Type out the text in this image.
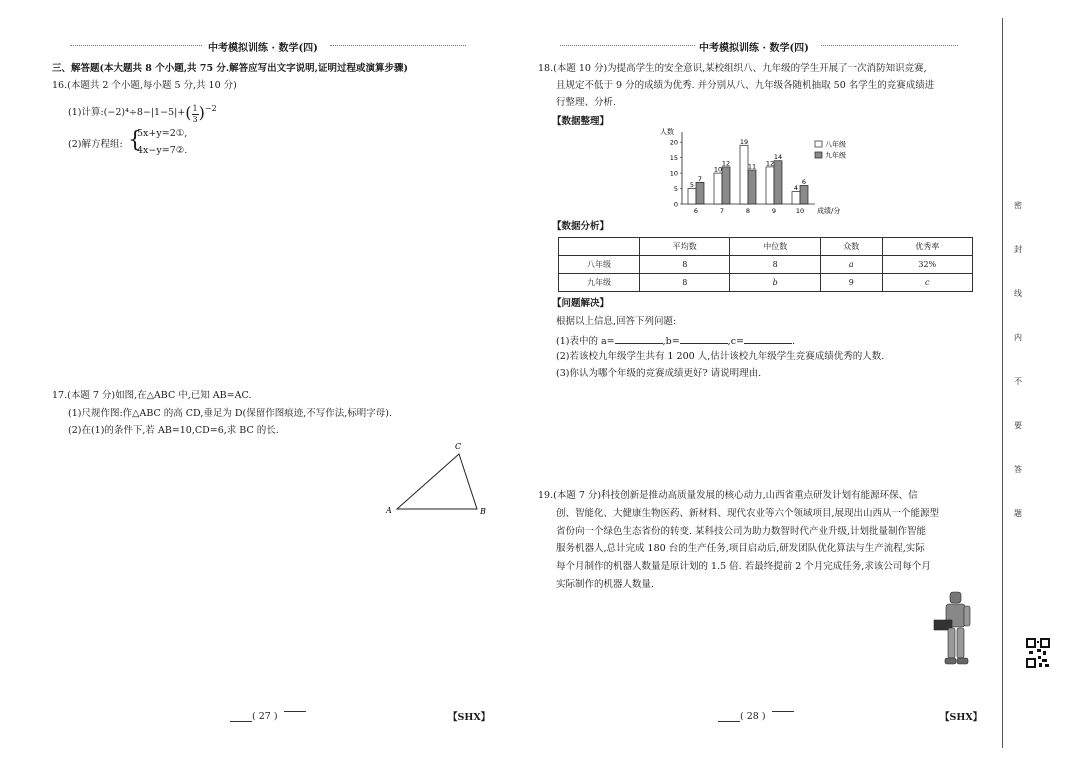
中考模拟训练 · 数学(四)
三、解答题(本大题共 8 个小题,共 75 分.解答应写出文字说明,证明过程或演算步骤)
16.(本题共 2 个小题,每小题 5 分,共 10 分)
(1)计算:(−2)⁴÷8−|1−5|+( $\frac{1}{3} )^{-2}$
(2)解方程组: {
5x+y=2①,
4x−y=7②.
17.(本题 7 分)如图,在△ABC 中,已知 AB=AC.
(1)尺规作图:作△ABC 的高 CD,垂足为 D(保留作图痕迹,不写作法,标明字母).
(2)在(1)的条件下,若 AB=10,CD=6,求 BC 的长.
A	B
C
( 27 )	【SHX】
中考模拟训练 · 数学(四)
18.(本题 10 分)为提高学生的安全意识,某校组织八、九年级的学生开展了一次消防知识竞赛,
且规定不低于 9 分的成绩为优秀. 并分别从八、九年级各随机抽取 50 名学生的竞赛成绩进
行整理、分析.
【数据整理】
人数
成绩/分
0
5
10
15
20
5
7
6
10
12
7
19
11
8
12
14
9
4
6
10
八年级
九年级
【数据分析】
	平均数	中位数	众数	优秀率
八年级	8	8	a	32%
九年级	8	b	9	c
【问题解决】
根据以上信息,回答下列问题:
(1)表中的 a=	,b=	,c=	.
(2)若该校九年级学生共有 1 200 人,估计该校九年级学生竞赛成绩优秀的人数.
(3)你认为哪个年级的竞赛成绩更好? 请说明理由.
19.(本题 7 分)科技创新是推动高质量发展的核心动力,山西省重点研发计划有能源环保、信
创、智能化、大健康生物医药、新材料、现代农业等六个领域项目,展现出山西从一个能源型
省份向一个绿色生态省份的转变. 某科技公司为助力数智时代产业升级,计划批量制作智能
服务机器人,总计完成 180 台的生产任务,项目启动后,研发团队优化算法与生产流程,实际
每个月制作的机器人数量是原计划的 1.5 倍. 若最终提前 2 个月完成任务,求该公司每个月
实际制作的机器人数量.
( 28 )	【SHX】
密
封
线
内
不
要
答
题
